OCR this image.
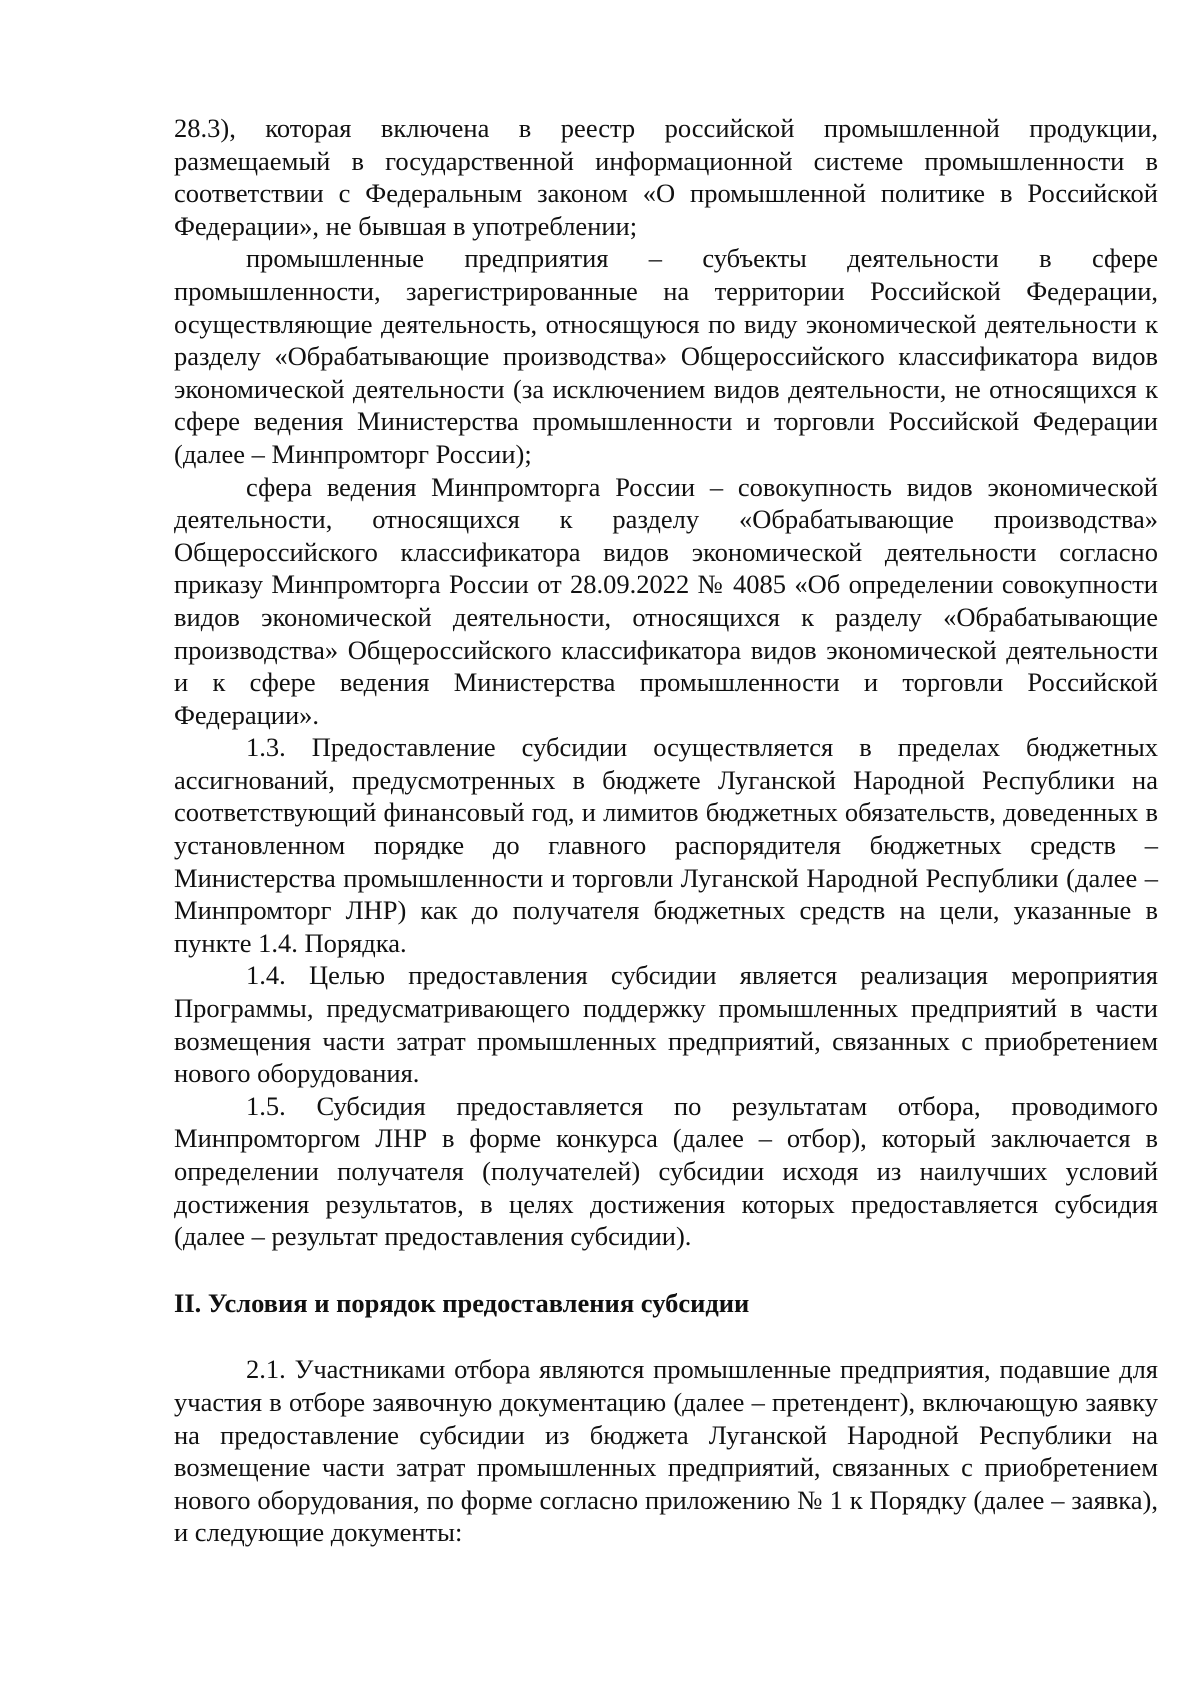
28.3), которая включена в реестр российской промышленной продукции, размещаемый в государственной информационной системе промышленности в соответствии с Федеральным законом «О промышленной политике в Российской Федерации», не бывшая в употреблении;

промышленные предприятия – субъекты деятельности в сфере промышленности, зарегистрированные на территории Российской Федерации, осуществляющие деятельность, относящуюся по виду экономической деятельности к разделу «Обрабатывающие производства» Общероссийского классификатора видов экономической деятельности (за исключением видов деятельности, не относящихся к сфере ведения Министерства промышленности и торговли Российской Федерации (далее – Минпромторг России);

сфера ведения Минпромторга России – совокупность видов экономической деятельности, относящихся к разделу «Обрабатывающие производства» Общероссийского классификатора видов экономической деятельности согласно приказу Минпромторга России от 28.09.2022 № 4085 «Об определении совокупности видов экономической деятельности, относящихся к разделу «Обрабатывающие производства» Общероссийского классификатора видов экономической деятельности и к сфере ведения Министерства промышленности и торговли Российской Федерации».

1.3. Предоставление субсидии осуществляется в пределах бюджетных ассигнований, предусмотренных в бюджете Луганской Народной Республики на соответствующий финансовый год, и лимитов бюджетных обязательств, доведенных в установленном порядке до главного распорядителя бюджетных средств – Министерства промышленности и торговли Луганской Народной Республики (далее – Минпромторг ЛНР) как до получателя бюджетных средств на цели, указанные в пункте 1.4. Порядка.

1.4. Целью предоставления субсидии является реализация мероприятия Программы, предусматривающего поддержку промышленных предприятий в части возмещения части затрат промышленных предприятий, связанных с приобретением нового оборудования.

1.5. Субсидия предоставляется по результатам отбора, проводимого Минпромторгом ЛНР в форме конкурса (далее – отбор), который заключается в определении получателя (получателей) субсидии исходя из наилучших условий достижения результатов, в целях достижения которых предоставляется субсидия (далее – результат предоставления субсидии).

II. Условия и порядок предоставления субсидии

2.1. Участниками отбора являются промышленные предприятия, подавшие для участия в отборе заявочную документацию (далее – претендент), включающую заявку на предоставление субсидии из бюджета Луганской Народной Республики на возмещение части затрат промышленных предприятий, связанных с приобретением нового оборудования, по форме согласно приложению № 1 к Порядку (далее – заявка), и следующие документы:
